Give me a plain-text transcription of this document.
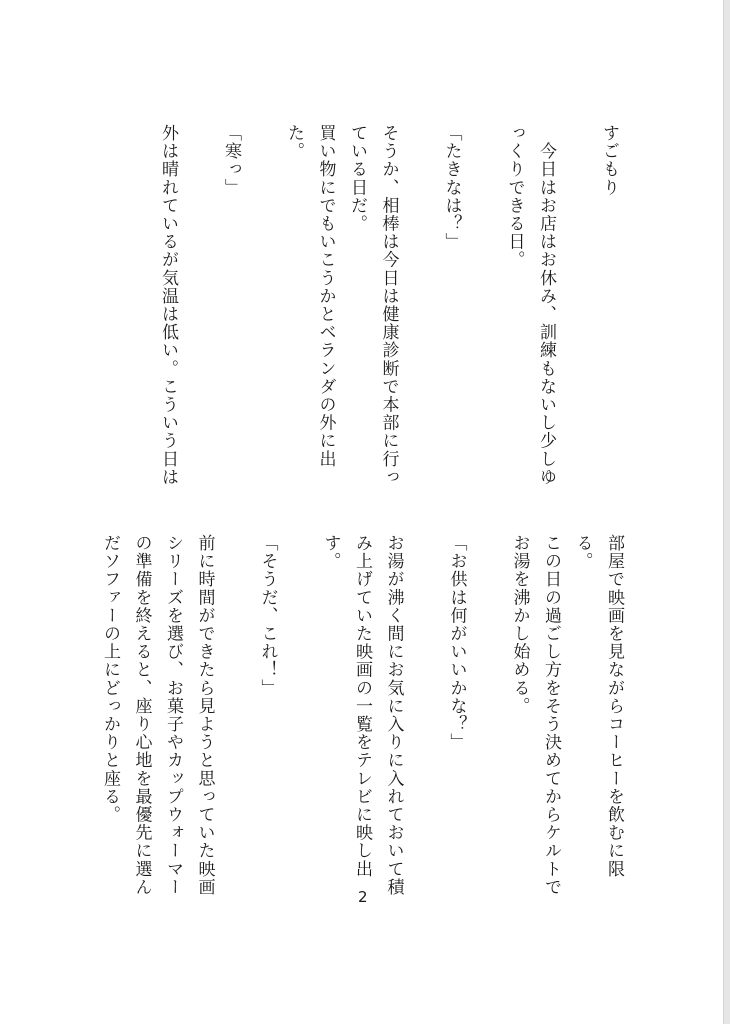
すごもり

　今日はお店はお休み、訓練もないし少しゆ

っくりできる日。

「たきなは？」

そうか、相棒は今日は健康診断で本部に行っ

ている日だ。

買い物にでもいこうかとベランダの外に出

た。

「寒っ」

外は晴れているが気温は低い。こういう日は

部屋で映画を見ながらコーヒーを飲むに限

る。

この日の過ごし方をそう決めてからケルトで

お湯を沸かし始める。

「お供は何がいいかな？」

お湯が沸く間にお気に入りに入れておいて積

み上げていた映画の一覧をテレビに映し出

す。

「そうだ、これ！」

前に時間ができたら見ようと思っていた映画

シリーズを選び、お菓子やカップウォーマー

の準備を終えると、座り心地を最優先に選ん

だソファーの上にどっかりと座る。

2
